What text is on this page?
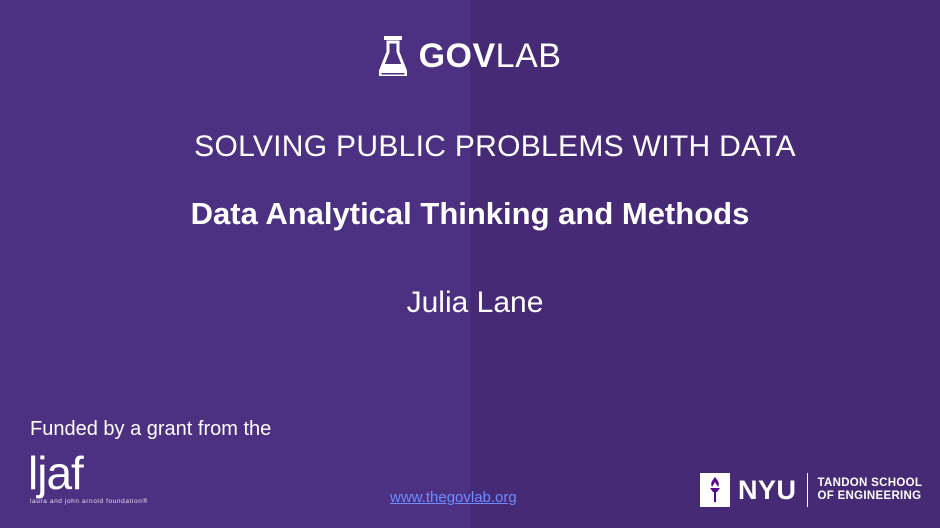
GOVLAB
SOLVING PUBLIC PROBLEMS WITH DATA
Data Analytical Thinking and Methods
Julia Lane
Funded by a grant from the
ljaf
laura and john arnold foundation®	www.thegovlab.org	NYU TANDON SCHOOL
OF ENGINEERING
